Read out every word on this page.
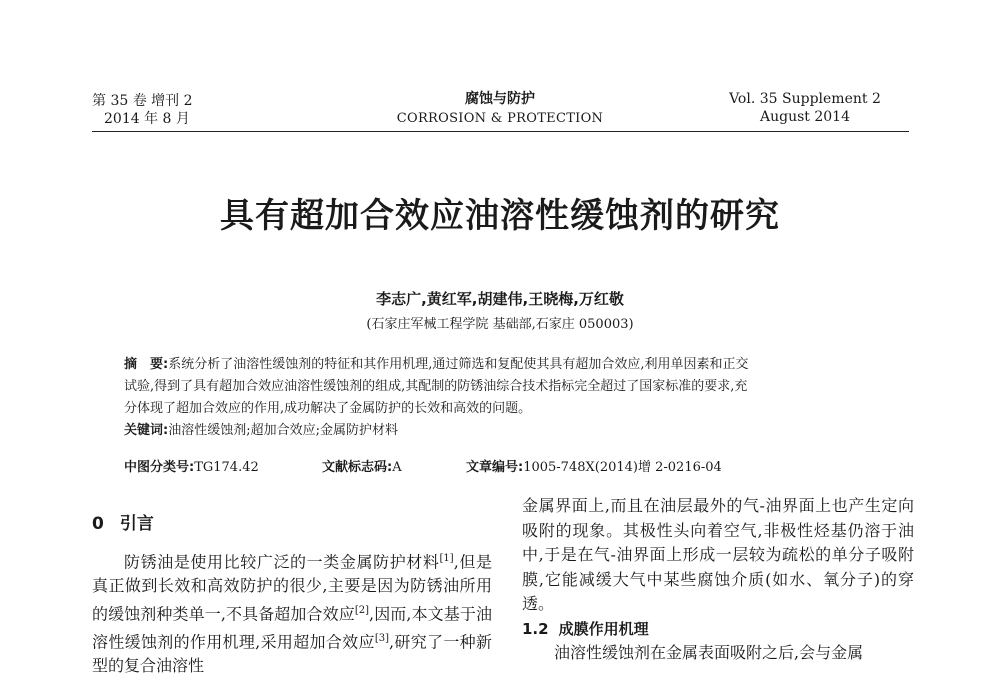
第 35 卷 增刊 2
2014 年 8 月
腐蚀与防护
CORROSION & PROTECTION
Vol. 35 Supplement 2
August 2014
具有超加合效应油溶性缓蚀剂的研究
李志广,黄红军,胡建伟,王晓梅,万红敬
(石家庄军械工程学院 基础部,石家庄 050003)

摘　要:系统分析了油溶性缓蚀剂的特征和其作用机理,通过筛选和复配使其具有超加合效应,利用单因素和正交

试验,得到了具有超加合效应油溶性缓蚀剂的组成,其配制的防锈油综合技术指标完全超过了国家标准的要求,充

分体现了超加合效应的作用,成功解决了金属防护的长效和高效的问题。

关键词:油溶性缓蚀剂;超加合效应;金属防护材料

中图分类号:TG174.42	文献标志码:A	文章编号:1005-748X(2014)增 2-0216-04
0 引言

防锈油是使用比较广泛的一类金属防护材料[1],但是真正做到长效和高效防护的很少,主要是因为防锈油所用的缓蚀剂种类单一,不具备超加合效应[2],因而,本文基于油溶性缓蚀剂的作用机理,采用超加合效应[3],研究了一种新型的复合油溶性

金属界面上,而且在油层最外的气-油界面上也产生定向吸附的现象。其极性头向着空气,非极性烃基仍溶于油中,于是在气-油界面上形成一层较为疏松的单分子吸附膜,它能减缓大气中某些腐蚀介质(如水、氧分子)的穿透。

1.2 成膜作用机理

油溶性缓蚀剂在金属表面吸附之后,会与金属
